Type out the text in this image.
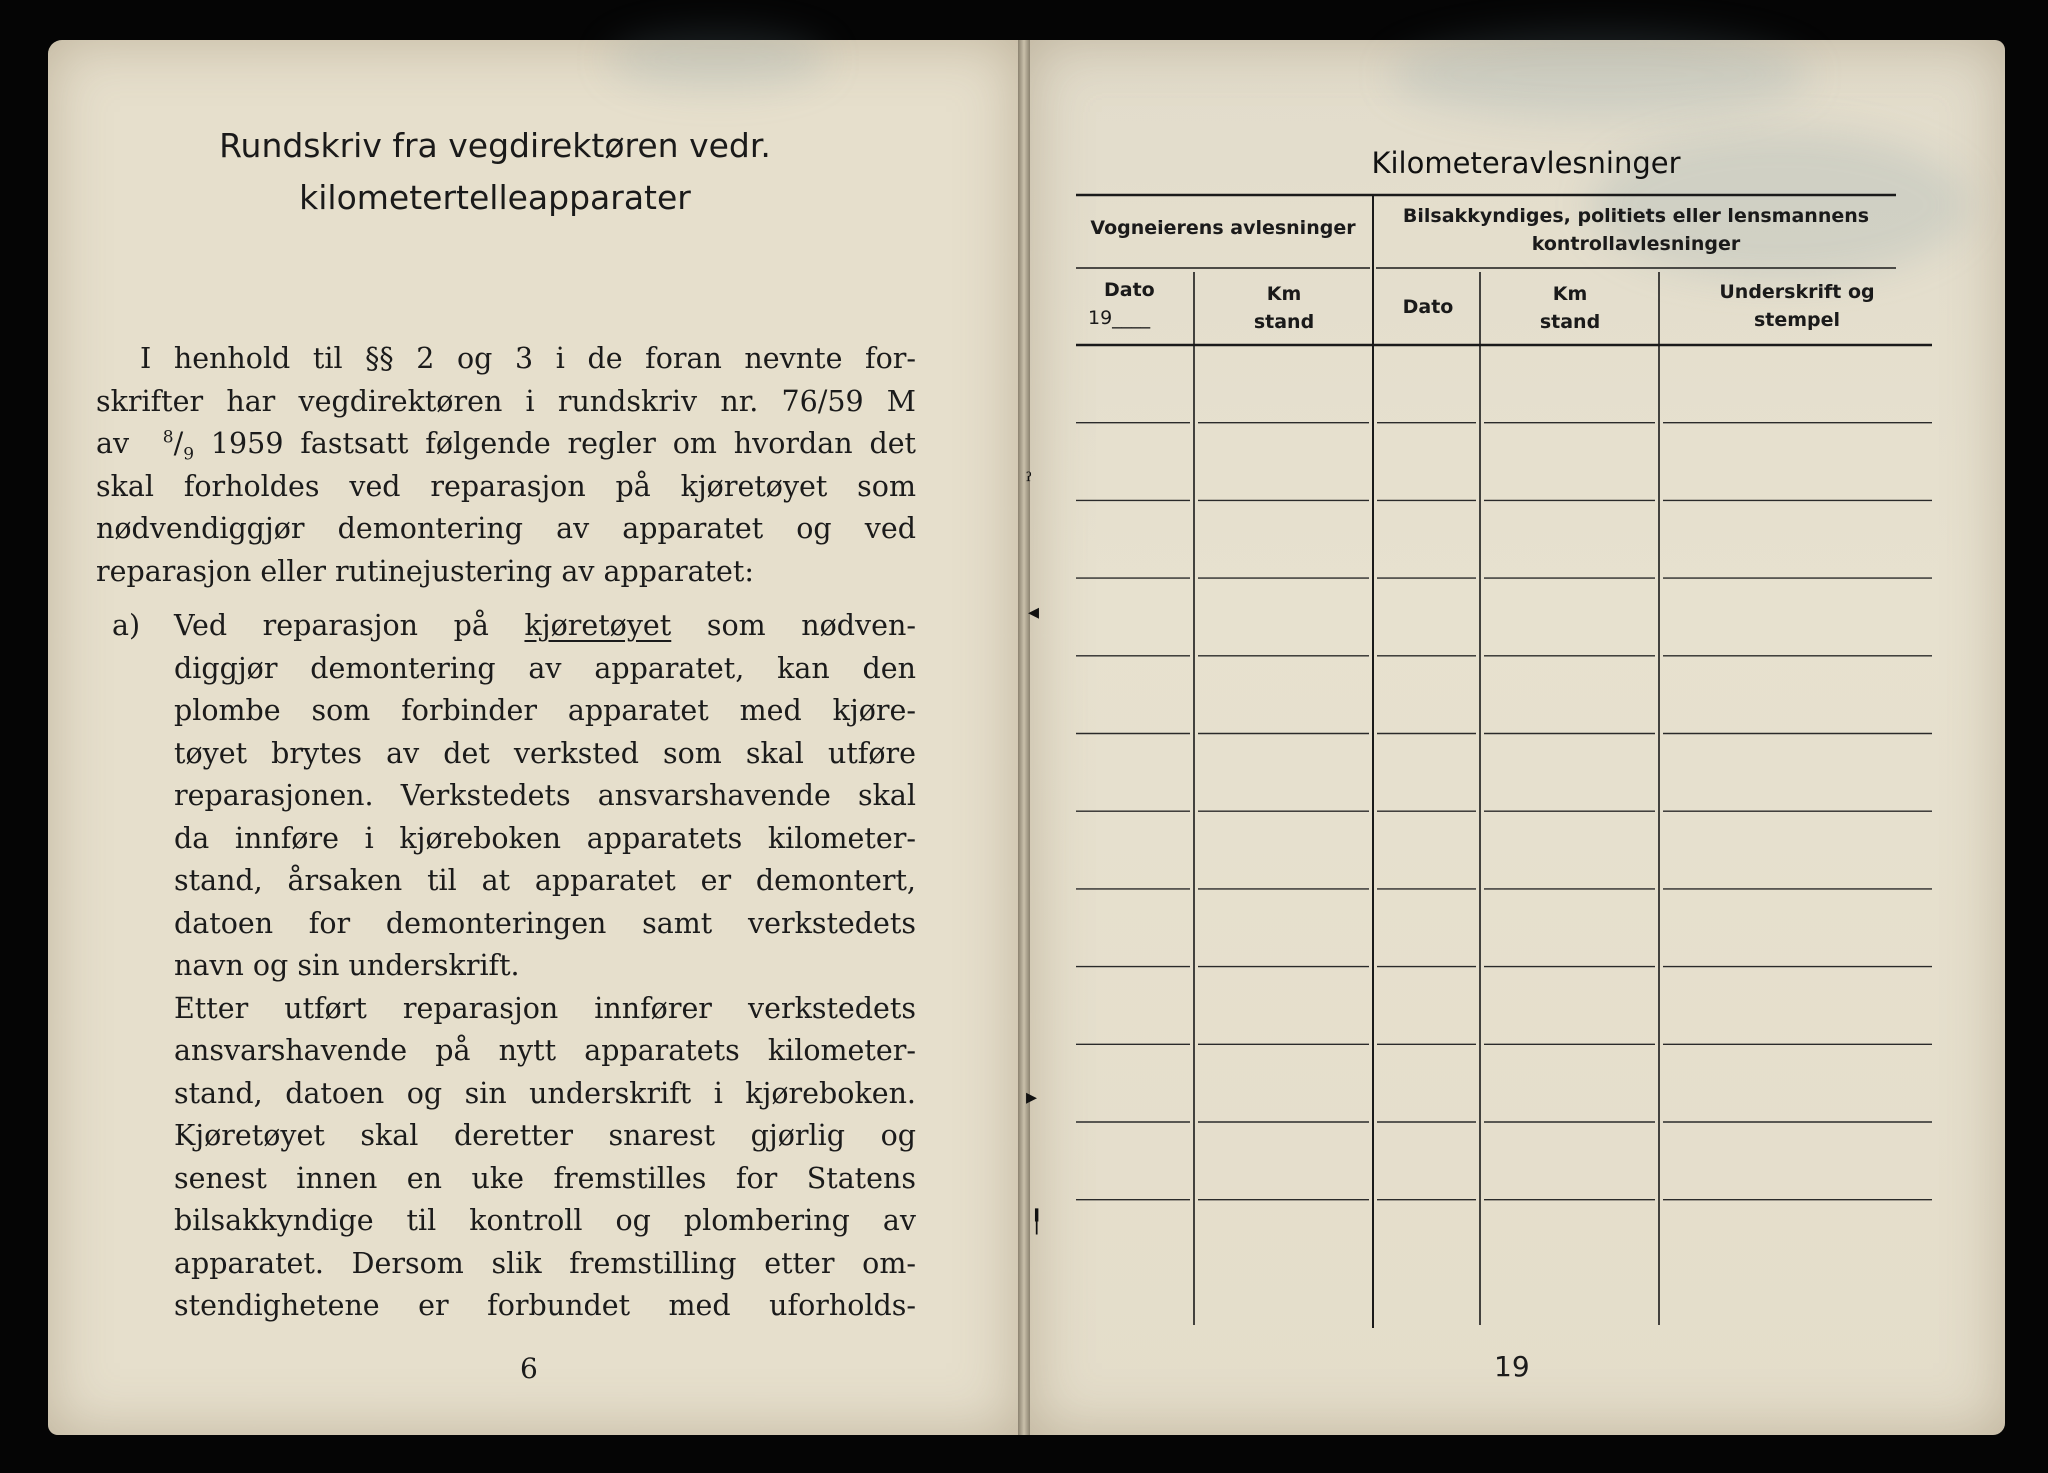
Rundskriv fra vegdirektøren vedr.
kilometertelleapparater

I henhold til §§ 2 og 3 i de foran nevnte for-

skrifter har vegdirektøren i rundskriv nr. 76/59 M

av $^8/_9$ 1959 fastsatt følgende regler om hvordan det

skal forholdes ved reparasjon på kjøretøyet som

nødvendiggjør demontering av apparatet og ved

reparasjon eller rutinejustering av apparatet:

a) Ved reparasjon på kjøretøyet som nødven-

diggjør demontering av apparatet, kan den

plombe som forbinder apparatet med kjøre-

tøyet brytes av det verksted som skal utføre

reparasjonen. Verkstedets ansvarshavende skal

da innføre i kjøreboken apparatets kilometer-

stand, årsaken til at apparatet er demontert,

datoen for demonteringen samt verkstedets

navn og sin underskrift.

Etter utført reparasjon innfører verkstedets

ansvarshavende på nytt apparatets kilometer-

stand, datoen og sin underskrift i kjøreboken.

Kjøretøyet skal deretter snarest gjørlig og

senest innen en uke fremstilles for Statens

bilsakkyndige til kontroll og plombering av

apparatet. Dersom slik fremstilling etter om-

stendighetene er forbundet med uforholds-

6
ˀ
◂
▸
╿
Kilometeravlesninger
Vogneierens avlesninger
Bilsakkyndiges, politiets eller lensmannens
kontrollavlesninger
Dato
19____
Km
stand
Dato
Km
stand
Underskrift og
stempel
19
